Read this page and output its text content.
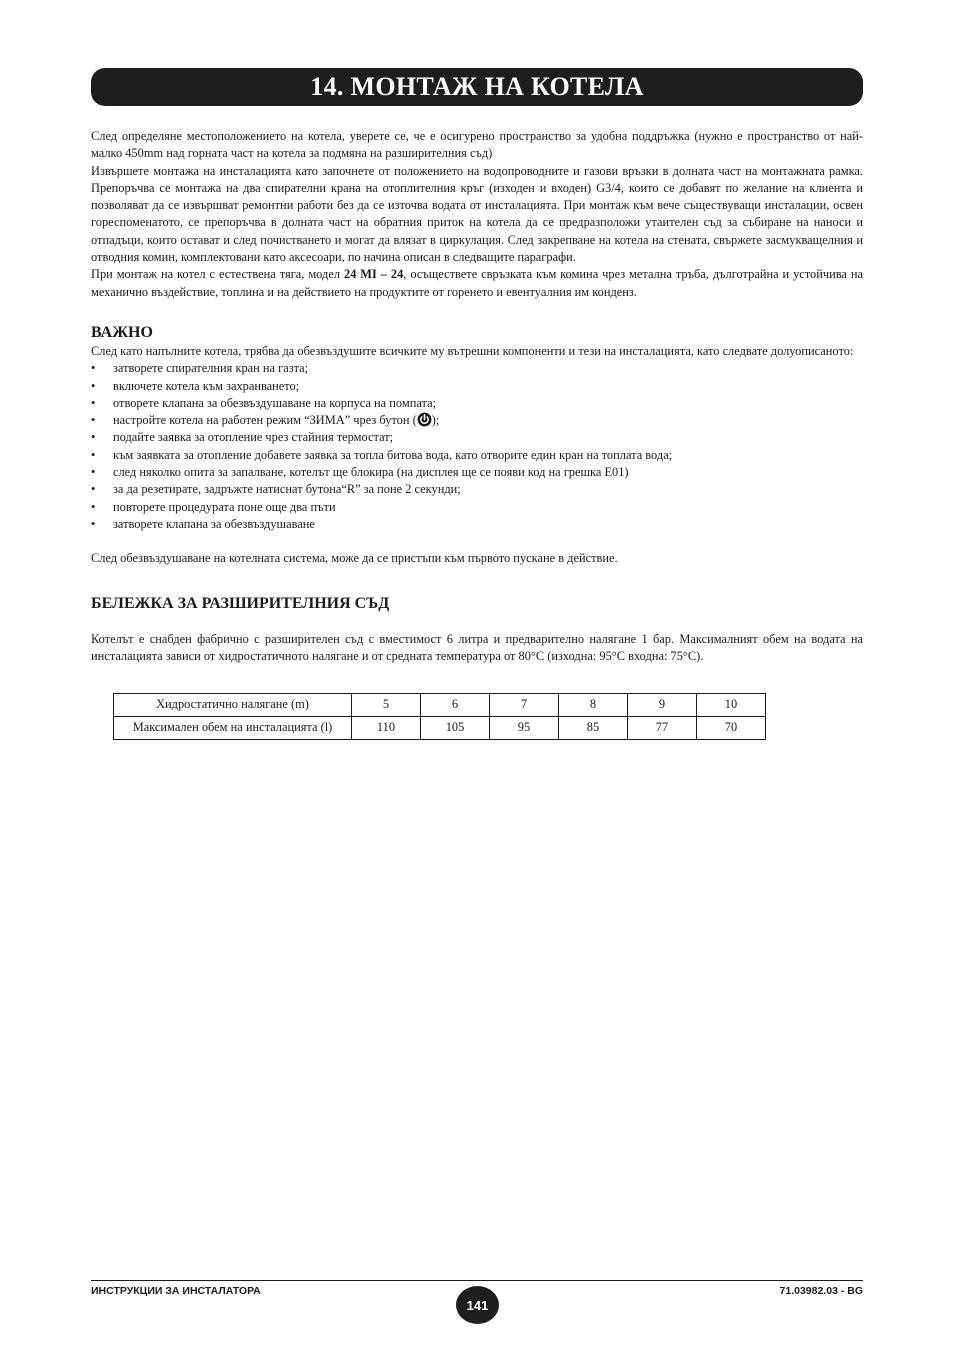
14. МОНТАЖ НА КОТЕЛА

След определяне местоположението на котела, уверете се, че е осигурено пространство за удобна поддръжка (нужно е пространство от най-малко 450mm над горната част на котела за подмяна на разширителния съд)

Извършете монтажа на инсталацията като започнете от положението на водопроводните и газови връзки в долната част на монтажната рамка. Препоръчва се монтажа на два спирателни крана на отоплителния кръг (изходен и входен) G3/4, които се добавят по желание на клиента и позволяват да се извършват ремонтни работи без да се източва водата от инсталацията. При монтаж към вече съществуващи инсталации, освен гореспоменатото, се препоръчва в долната част на обратния приток на котела да се предразположи утаителен съд за събиране на наноси и отпадъци, които остават и след почистването и могат да влязат в циркулация. След закрепване на котела на стената, свържете засмукващелния и отводния комин, комплектовани като аксесоари, по начина описан в следващите параграфи.

При монтаж на котел с естествена тяга, модел 24 MI – 24, осъществете свръзката към комина чрез метална тръба, дълготрайна и устойчива на механично въздействие, топлина и на действието на продуктите от горенето и евентуалния им конденз.

ВАЖНО

След като напълните котела, трябва да обезвъздушите всичките му вътрешни компоненти и тези на инсталацията, като следвате долуописаното:

• затворете спирателния кран на газта;
• включете котела към захранването;
• отворете клапана за обезвъздушаване на корпуса на помпата;
• настройте котела на работен режим “ЗИМА” чрез бутон ( );
• подайте заявка за отопление чрез стайния термостат;
• към заявката за отопление добавете заявка за топла битова вода, като отворите един кран на топлата вода;
• след няколко опита за запалване, котелът ще блокира (на дисплея ще се появи код на грешка E01)
• за да резетирате, задръжте натиснат бутона“R” за поне 2 секунди;
• повторете процедурата поне още два пъти
• затворете клапана за обезвъздушаване

След обезвъздушаване на котелната система, може да се пристъпи към първото пускане в действие.

БЕЛЕЖКА ЗА РАЗШИРИТЕЛНИЯ СЪД

Котелът е снабден фабрично с разширителен съд с вместимост 6 литра и предварително налягане 1 бар. Максималният обем на водата на инсталацията зависи от хидростатичното налягане и от средната температура от 80°C (изходна: 95°C входна: 75°C).

Хидростатично налягане (m)	5	6	7	8	9	10
Максимален обем на инсталацията (l)	110	105	95	85	77	70
ИНСТРУКЦИИ ЗА ИНСТАЛАТОРА
141
71.03982.03 - BG
